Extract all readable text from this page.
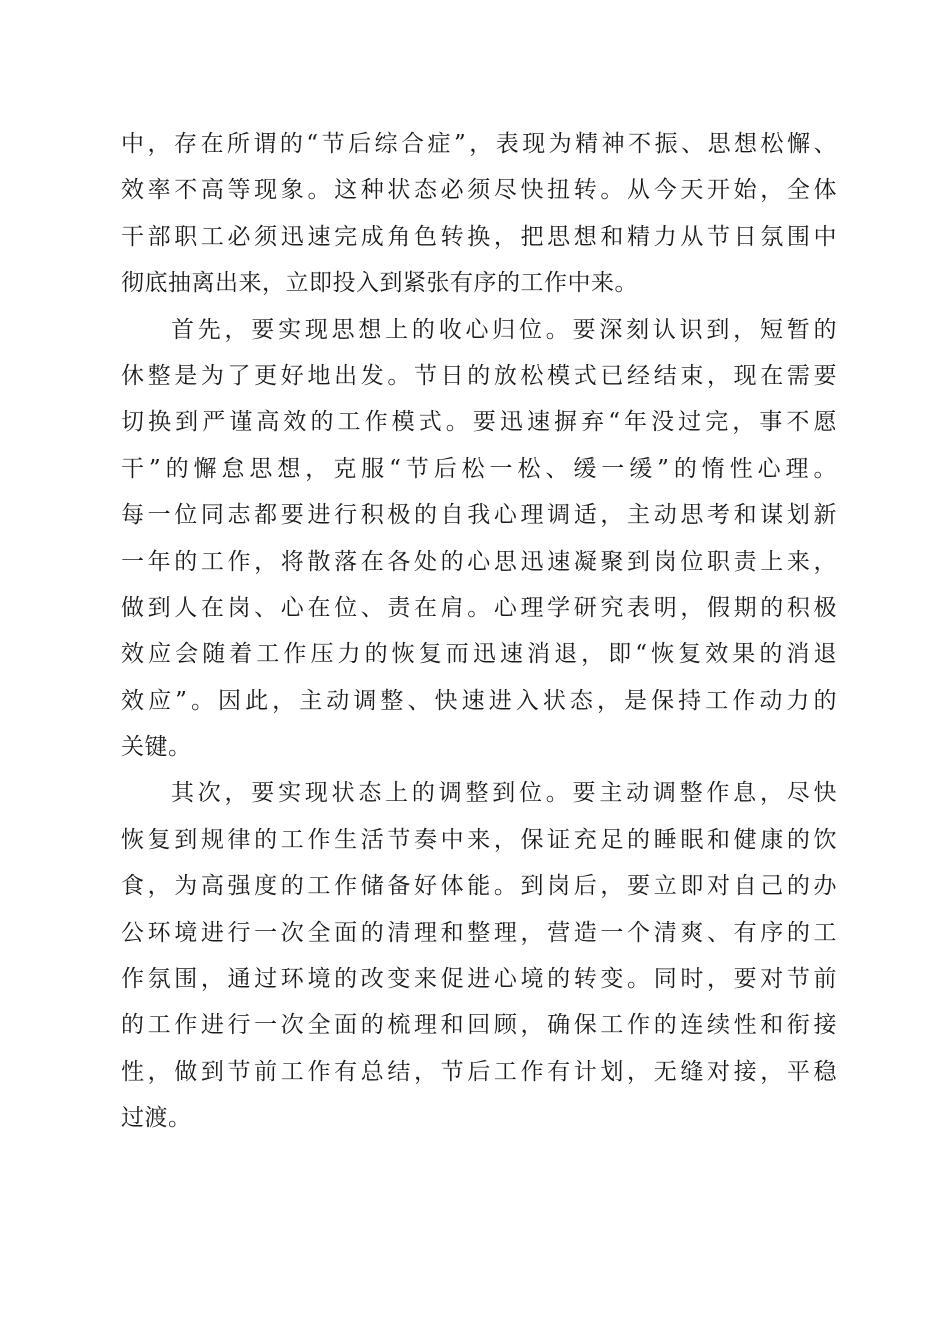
中，存在所谓的“节后综合症”，表现为精神不振、思想松懈、
效率不高等现象。这种状态必须尽快扭转。从今天开始，全体
干部职工必须迅速完成角色转换，把思想和精力从节日氛围中
彻底抽离出来，立即投入到紧张有序的工作中来。
首先，要实现思想上的收心归位。要深刻认识到，短暂的
休整是为了更好地出发。节日的放松模式已经结束，现在需要
切换到严谨高效的工作模式。要迅速摒弃“年没过完，事不愿
干”的懈怠思想，克服“节后松一松、缓一缓”的惰性心理。
每一位同志都要进行积极的自我心理调适，主动思考和谋划新
一年的工作，将散落在各处的心思迅速凝聚到岗位职责上来，
做到人在岗、心在位、责在肩。心理学研究表明，假期的积极
效应会随着工作压力的恢复而迅速消退，即“恢复效果的消退
效应”。因此，主动调整、快速进入状态，是保持工作动力的
关键。
其次，要实现状态上的调整到位。要主动调整作息，尽快
恢复到规律的工作生活节奏中来，保证充足的睡眠和健康的饮
食，为高强度的工作储备好体能。到岗后，要立即对自己的办
公环境进行一次全面的清理和整理，营造一个清爽、有序的工
作氛围，通过环境的改变来促进心境的转变。同时，要对节前
的工作进行一次全面的梳理和回顾，确保工作的连续性和衔接
性，做到节前工作有总结，节后工作有计划，无缝对接，平稳
过渡。
